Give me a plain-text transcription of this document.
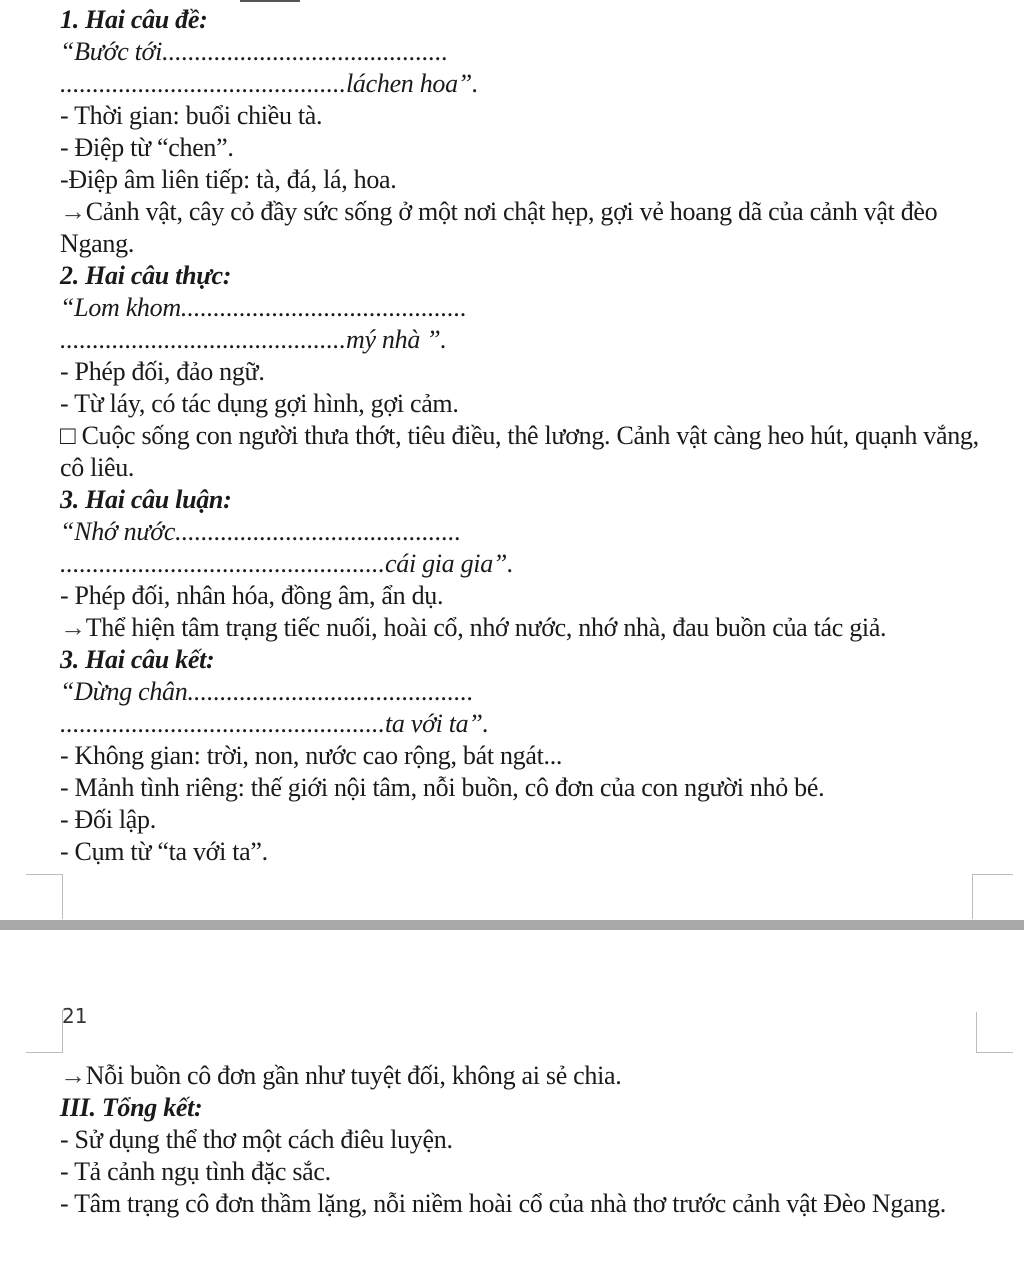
1. Hai câu đề:
“Bước tới............................................
............................................láchen hoa”.
- Thời gian: buổi chiều tà.
- Điệp từ “chen”.
-Điệp âm liên tiếp: tà, đá, lá, hoa.
→Cảnh vật, cây cỏ đầy sức sống ở một nơi chật hẹp, gợi vẻ hoang dã của cảnh vật đèo Ngang.
2. Hai câu thực:
“Lom khom............................................
............................................mý nhà ”.
- Phép đối, đảo ngữ.
- Từ láy, có tác dụng gợi hình, gợi cảm.
□ Cuộc sống con người thưa thớt, tiêu điều, thê lương. Cảnh vật càng heo hút, quạnh vắng, cô liêu.
3. Hai câu luận:
“Nhớ nước............................................
..................................................cái gia gia”.
- Phép đối, nhân hóa, đồng âm, ẩn dụ.
→Thể hiện tâm trạng tiếc nuối, hoài cổ, nhớ nước, nhớ nhà, đau buồn của tác giả.
3. Hai câu kết:
“Dừng chân............................................
..................................................ta với ta”.
- Không gian: trời, non, nước cao rộng, bát ngát...
- Mảnh tình riêng: thế giới nội tâm, nỗi buồn, cô đơn của con người nhỏ bé.
- Đối lập.
- Cụm từ “ta với ta”.
21
→Nỗi buồn cô đơn gần như tuyệt đối, không ai sẻ chia.
III. Tổng kết:
- Sử dụng thể thơ một cách điêu luyện.
- Tả cảnh ngụ tình đặc sắc.
- Tâm trạng cô đơn thầm lặng, nỗi niềm hoài cổ của nhà thơ trước cảnh vật Đèo Ngang.
